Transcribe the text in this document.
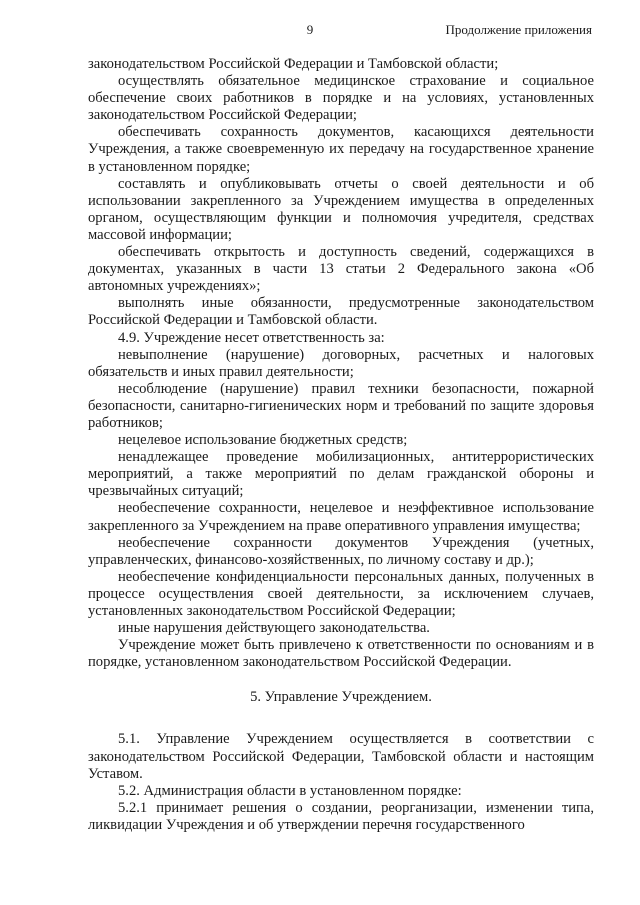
9	Продолжение приложения

законодательством Российской Федерации и Тамбовской области;

осуществлять обязательное медицинское страхование и социальное обеспечение своих работников в порядке и на условиях, установленных законодательством Российской Федерации;

обеспечивать сохранность документов, касающихся деятельности Учреждения, а также своевременную их передачу на государственное хранение в установленном порядке;

составлять и опубликовывать отчеты о своей деятельности и об использовании закрепленного за Учреждением имущества в определенных органом, осуществляющим функции и полномочия учредителя, средствах массовой информации;

обеспечивать открытость и доступность сведений, содержащихся в документах, указанных в части 13 статьи 2 Федерального закона «Об автономных учреждениях»;

выполнять иные обязанности, предусмотренные законодательством Российской Федерации и Тамбовской области.

4.9. Учреждение несет ответственность за:

невыполнение (нарушение) договорных, расчетных и налоговых обязательств и иных правил деятельности;

несоблюдение (нарушение) правил техники безопасности, пожарной безопасности, санитарно-гигиенических норм и требований по защите здоровья работников;

нецелевое использование бюджетных средств;

ненадлежащее проведение мобилизационных, антитеррористических мероприятий, а также мероприятий по делам гражданской обороны и чрезвычайных ситуаций;

необеспечение сохранности, нецелевое и неэффективное использование закрепленного за Учреждением на праве оперативного управления имущества;

необеспечение сохранности документов Учреждения (учетных, управленческих, финансово-хозяйственных, по личному составу и др.);

необеспечение конфиденциальности персональных данных, полученных в процессе осуществления своей деятельности, за исключением случаев, установленных законодательством Российской Федерации;

иные нарушения действующего законодательства.

Учреждение может быть привлечено к ответственности по основаниям и в порядке, установленном законодательством Российской Федерации.

5. Управление Учреждением.

5.1. Управление Учреждением осуществляется в соответствии с законодательством Российской Федерации, Тамбовской области и настоящим Уставом.

5.2. Администрация области в установленном порядке:

5.2.1 принимает решения о создании, реорганизации, изменении типа, ликвидации Учреждения и об утверждении перечня государственного
